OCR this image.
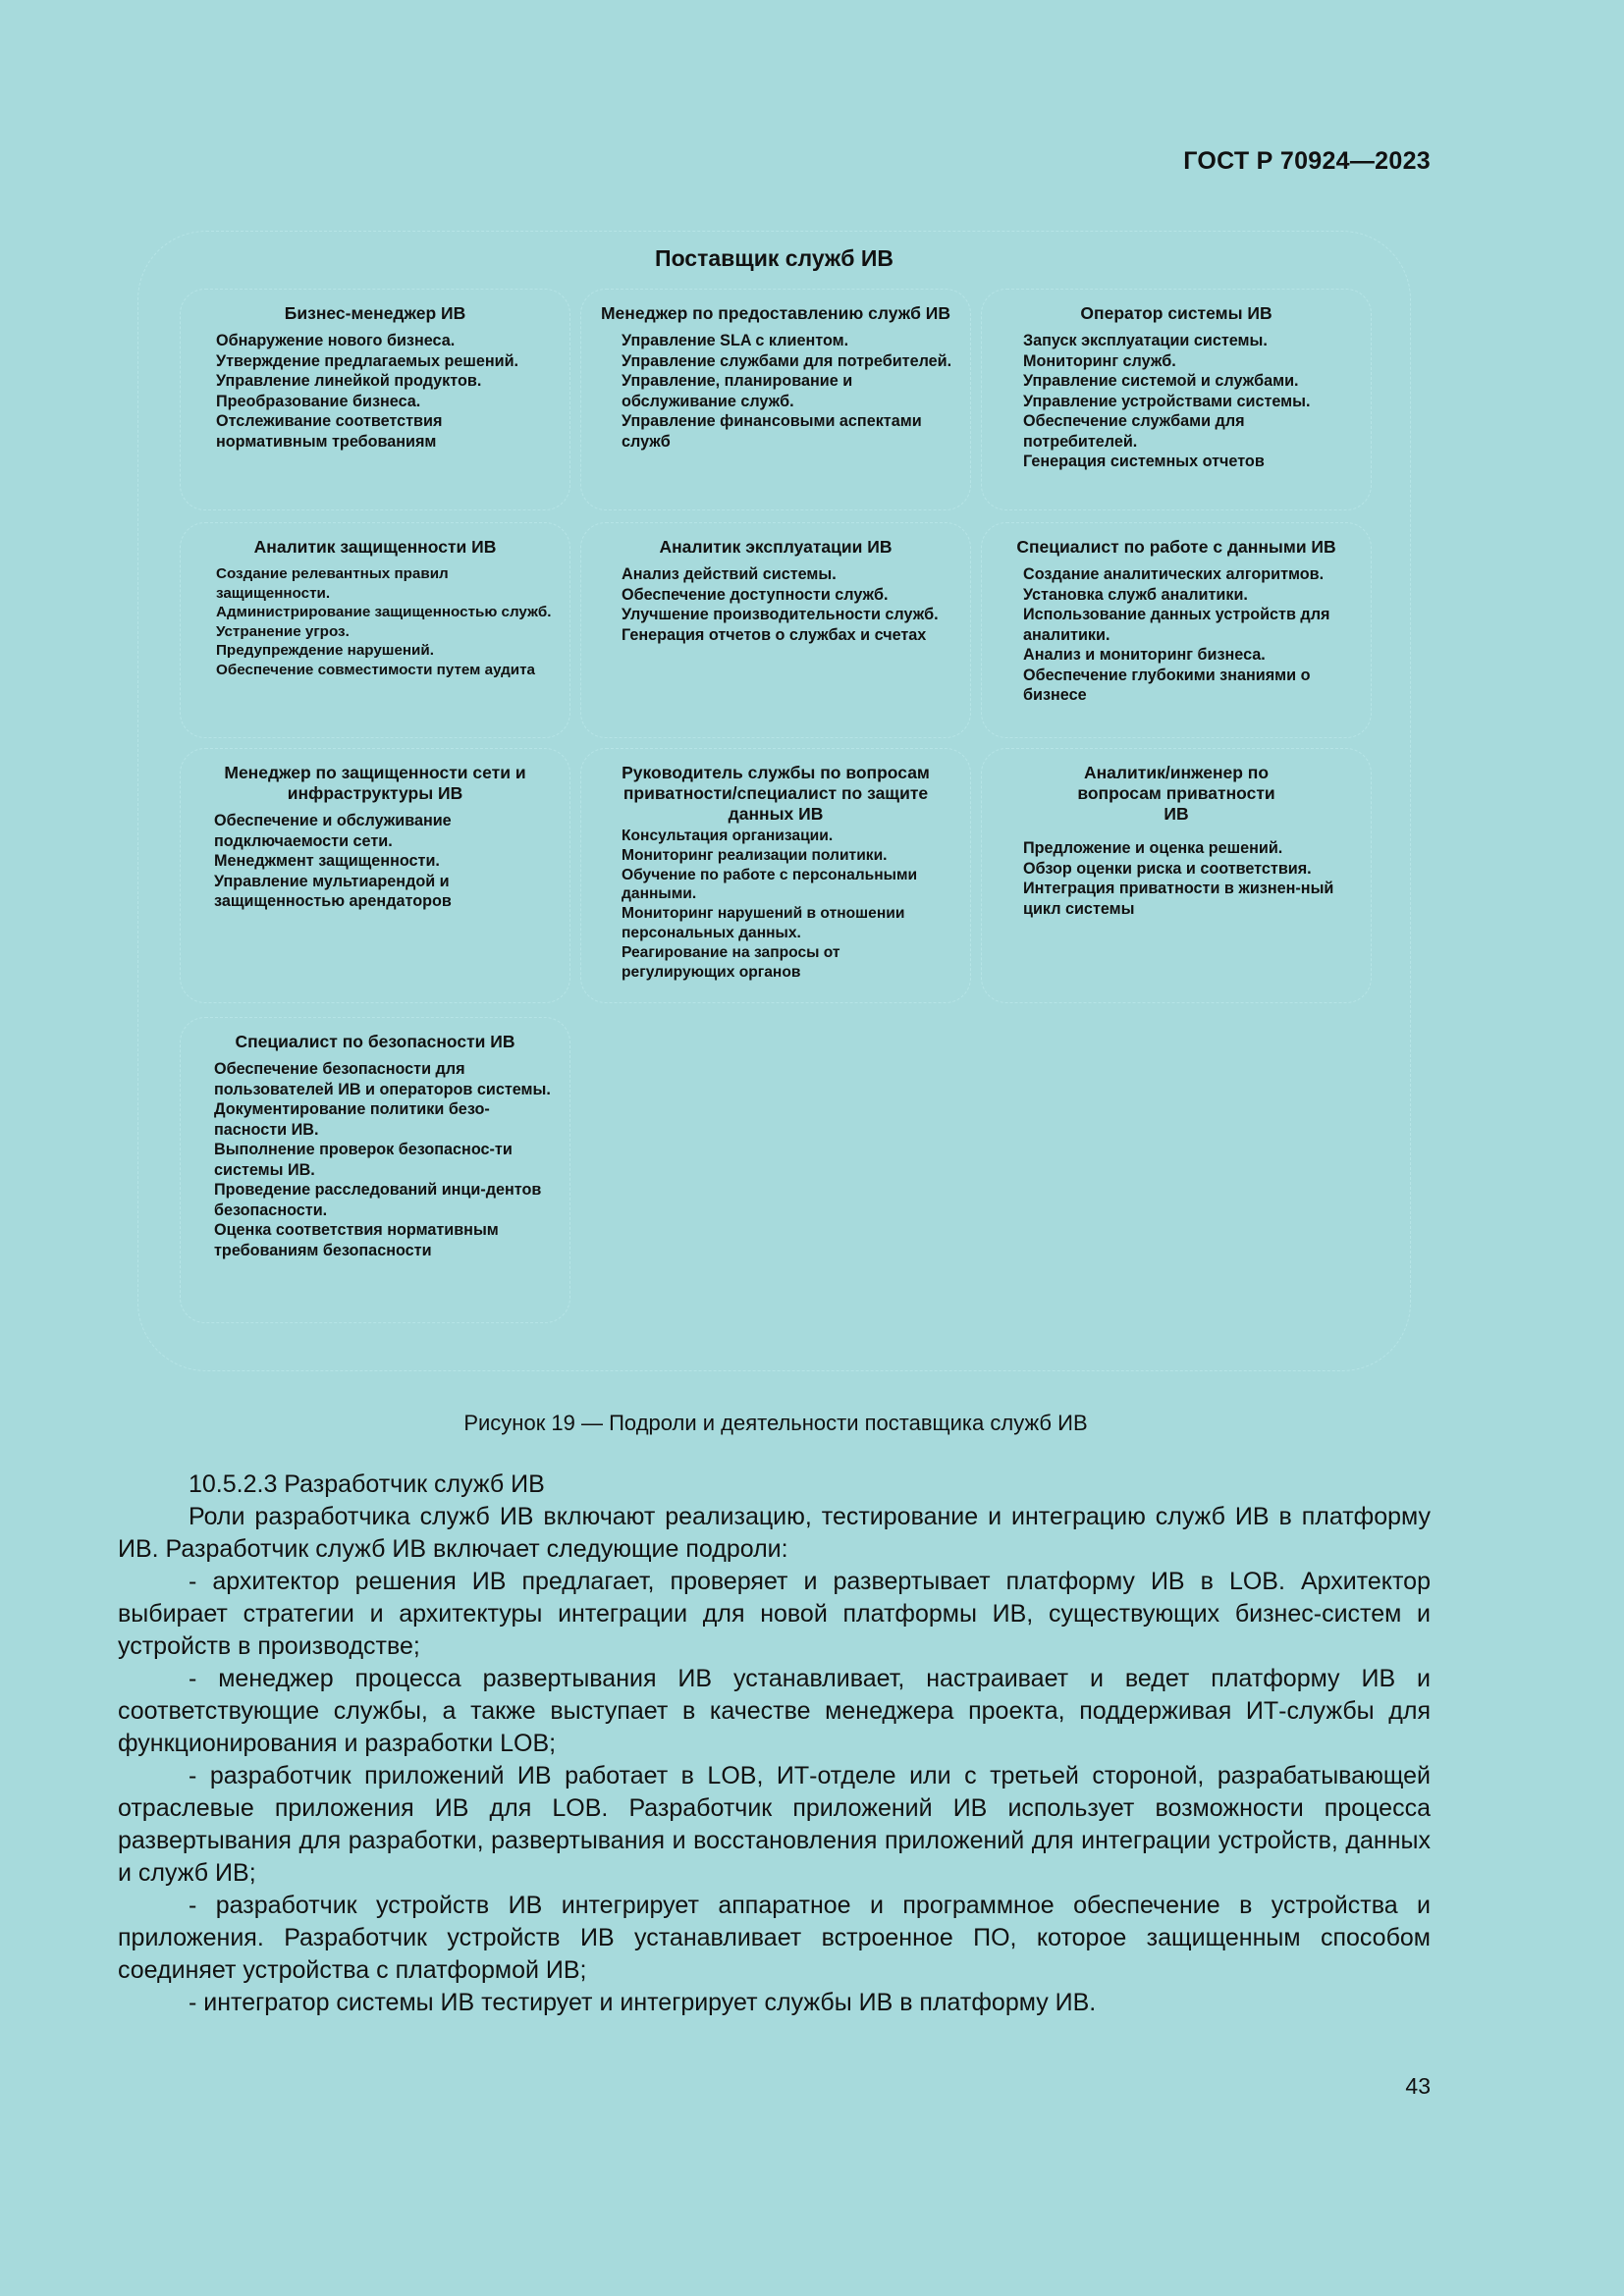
ГОСТ Р 70924—2023
Поставщик служб ИВ
Бизнес-менеджер ИВ
Обнаружение нового бизнеса.
Утверждение предлагаемых решений.
Управление линейкой продуктов.
Преобразование бизнеса.
Отслеживание соответствия нормативным требованиям
Менеджер по предоставлению служб ИВ
Управление SLA с клиентом.
Управление службами для потребителей.
Управление, планирование и обслуживание служб.
Управление финансовыми аспектами служб
Оператор системы ИВ
Запуск эксплуатации системы.
Мониторинг служб.
Управление системой и службами.
Управление устройствами системы.
Обеспечение службами для потребителей.
Генерация системных отчетов
Аналитик защищенности ИВ
Создание релевантных правил защищенности.
Администрирование защищенностью служб.
Устранение угроз.
Предупреждение нарушений.
Обеспечение совместимости путем аудита
Аналитик эксплуатации ИВ
Анализ действий системы.
Обеспечение доступности служб.
Улучшение производительности служб.
Генерация отчетов о службах и счетах
Специалист по работе с данными ИВ
Создание аналитических алгоритмов.
Установка служб аналитики.
Использование данных устройств для аналитики.
Анализ и мониторинг бизнеса.
Обеспечение глубокими знаниями о бизнесе
Менеджер по защищенности сети и инфраструктуры ИВ
Обеспечение и обслуживание подключаемости сети.
Менеджмент защищенности.
Управление мультиарендой и защищенностью арендаторов
Руководитель службы по вопросам приватности/специалист по защите данных ИВ
Консультация организации.
Мониторинг реализации политики.
Обучение по работе с персональными данными.
Мониторинг нарушений в отношении персональных данных.
Реагирование на запросы от регулирующих органов
Аналитик/инженер по вопросам приватности ИВ
Предложение и оценка решений.
Обзор оценки риска и соответствия.
Интеграция приватности в жизнен-ный цикл системы
Специалист по безопасности ИВ
Обеспечение безопасности для пользователей ИВ и операторов системы.
Документирование политики безо-пасности ИВ.
Выполнение проверок безопаснос-ти системы ИВ.
Проведение расследований инци-дентов безопасности.
Оценка соответствия нормативным требованиям безопасности
Рисунок 19 — Подроли и деятельности поставщика служб ИВ
10.5.2.3 Разработчик служб ИВ

Роли разработчика служб ИВ включают реализацию, тестирование и интеграцию служб ИВ в платформу ИВ. Разработчик служб ИВ включает следующие подроли:

- архитектор решения ИВ предлагает, проверяет и развертывает платформу ИВ в LOB. Архитектор выбирает стратегии и архитектуры интеграции для новой платформы ИВ, существующих бизнес-систем и устройств в производстве;

- менеджер процесса развертывания ИВ устанавливает, настраивает и ведет платформу ИВ и соответствующие службы, а также выступает в качестве менеджера проекта, поддерживая ИТ-службы для функционирования и разработки LOB;

- разработчик приложений ИВ работает в LOB, ИТ-отделе или с третьей стороной, разрабатывающей отраслевые приложения ИВ для LOB. Разработчик приложений ИВ использует возможности процесса развертывания для разработки, развертывания и восстановления приложений для интеграции устройств, данных и служб ИВ;

- разработчик устройств ИВ интегрирует аппаратное и программное обеспечение в устройства и приложения. Разработчик устройств ИВ устанавливает встроенное ПО, которое защищенным способом соединяет устройства с платформой ИВ;

- интегратор системы ИВ тестирует и интегрирует службы ИВ в платформу ИВ.

43
